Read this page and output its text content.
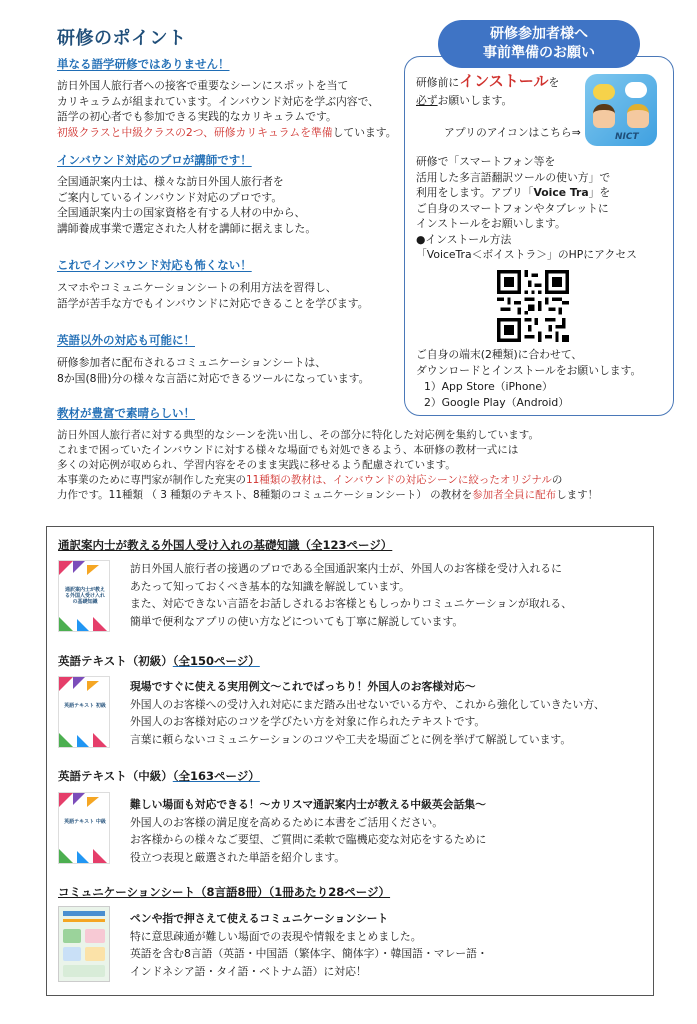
研修のポイント
単なる語学研修ではありません！
訪日外国人旅行者への接客で重要なシーンにスポットを当て
カリキュラムが組まれています。インバウンド対応を学ぶ内容で、
語学の初心者でも参加できる実践的なカリキュラムです。
初級クラスと中級クラスの2つ、研修カリキュラムを準備しています。
インバウンド対応のプロが講師です！
全国通訳案内士は、様々な訪日外国人旅行者を
ご案内しているインバウンド対応のプロです。
全国通訳案内士の国家資格を有する人材の中から、
講師養成事業で選定された人材を講師に据えました。
これでインバウンド対応も怖くない！
スマホやコミュニケーションシートの利用方法を習得し、
語学が苦手な方でもインバウンドに対応できることを学びます。
英語以外の対応も可能に！
研修参加者に配布されるコミュニケーションシートは、
8か国(8冊)分の様々な言語に対応できるツールになっています。
教材が豊富で素晴らしい！
訪日外国人旅行者に対する典型的なシーンを洗い出し、その部分に特化した対応例を集約しています。
これまで困っていたインバウンドに対する様々な場面でも対処できるよう、本研修の教材一式には
多くの対応例が収められ、学習内容をそのまま実践に移せるよう配慮されています。
本事業のために専門家が制作した充実の11種類の教材は、インバウンドの対応シーンに絞ったオリジナルの
力作です。11種類 （ 3 種類のテキスト、8種類のコミュニケーションシート） の教材を参加者全員に配布します！
研修参加者様へ
事前準備のお願い
研修前にインストールを
必ずお願いします。
アプリのアイコンはこちら⇒	NICT
研修で「スマートフォン等を
活用した多言語翻訳ツールの使い方」で
利用をします。アプリ「Voice Tra」を
ご自身のスマートフォンやタブレットに
インストールをお願いします。
●インストール方法
「VoiceTra＜ボイストラ＞」のHPにアクセス
ご自身の端末(2種類)に合わせて、
ダウンロードとインストールをお願いします。
1）App Store（iPhone）
2）Google Play（Android）
通訳案内士が教える外国人受け入れの基礎知識（全123ページ）
通訳案内士が教える外国人受け入れの基礎知識
訪日外国人旅行者の接遇のプロである全国通訳案内士が、外国人のお客様を受け入れるに
あたって知っておくべき基本的な知識を解説しています。
また、対応できない言語をお話しされるお客様ともしっかりコミュニケーションが取れる、
簡単で便利なアプリの使い方などについても丁寧に解説しています。
英語テキスト（初級）（全150ページ）
英語テキスト 初級
現場ですぐに使える実用例文～これでばっちり！外国人のお客様対応～
外国人のお客様への受け入れ対応にまだ踏み出せないでいる方や、これから強化していきたい方、
外国人のお客様対応のコツを学びたい方を対象に作られたテキストです。
言葉に頼らないコミュニケーションのコツや工夫を場面ごとに例を挙げて解説しています。
英語テキスト（中級）（全163ページ）
英語テキスト 中級
難しい場面も対応できる！～カリスマ通訳案内士が教える中級英会話集～
外国人のお客様の満足度を高めるために本書をご活用ください。
お客様からの様々なご要望、ご質問に柔軟で臨機応変な対応をするために
役立つ表現と厳選された単語を紹介します。
コミュニケーションシート（8言語8冊）（1冊あたり28ページ）
ペンや指で押さえて使えるコミュニケーションシート
特に意思疎通が難しい場面での表現や情報をまとめました。
英語を含む8言語（英語・中国語（繁体字、簡体字）・韓国語・マレー語・
インドネシア語・タイ語・ベトナム語）に対応！
